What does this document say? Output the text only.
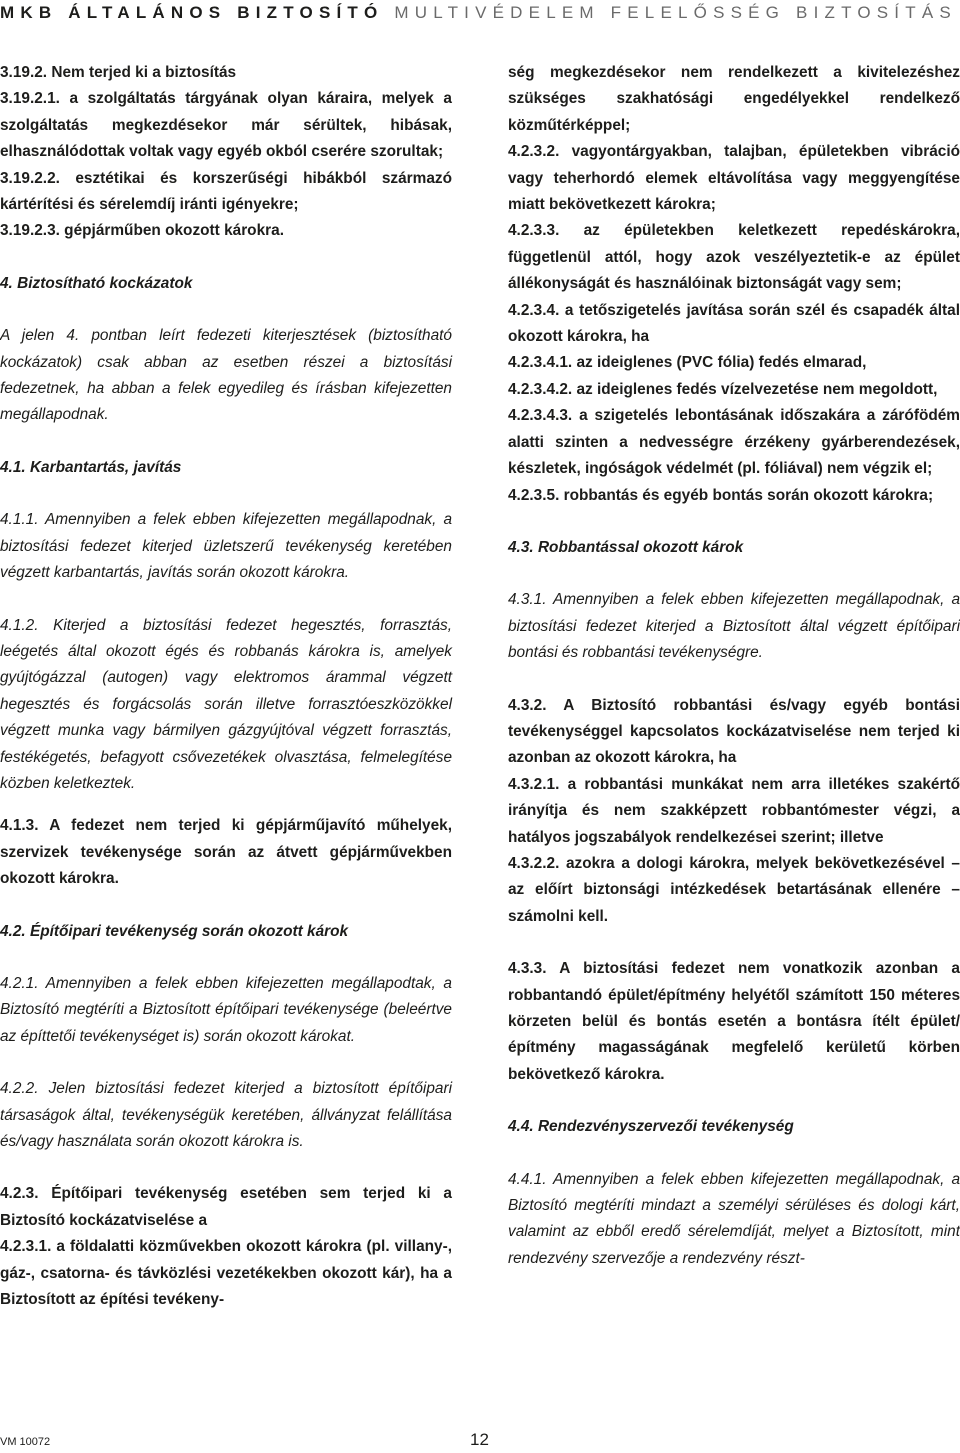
MKB ÁLTALÁNOS BIZTOSÍTÓ MULTIVÉDELEM FELELŐSSÉG BIZTOSÍTÁS

3.19.2. Nem terjed ki a biztosítás

3.19.2.1. a szolgáltatás tárgyának olyan káraira, melyek a szolgáltatás megkezdésekor már sérültek, hibásak, elhasználódottak voltak vagy egyéb okból cserére szorultak;

3.19.2.2. esztétikai és korszerűségi hibákból származó kártérítési és sérelemdíj iránti igényekre;

3.19.2.3. gépjárműben okozott károkra.

4. Biztosítható kockázatok

A jelen 4. pontban leírt fedezeti kiterjesztések (biztosítható kockázatok) csak abban az esetben részei a biztosítási fedezetnek, ha abban a felek egyedileg és írásban kifejezetten megállapodnak.

4.1. Karbantartás, javítás

4.1.1. Amennyiben a felek ebben kifejezetten megállapodnak, a biztosítási fedezet kiterjed üzletszerű tevékenység keretében végzett karbantartás, javítás során okozott károkra.

4.1.2. Kiterjed a biztosítási fedezet hegesztés, forrasztás, leégetés által okozott égés és robbanás károkra is, amelyek gyújtógázzal (autogen) vagy elektromos árammal végzett hegesztés és forgácsolás során illetve forrasztóeszközökkel végzett munka vagy bármilyen gázgyújtóval végzett forrasztás, festékégetés, befagyott csővezetékek olvasztása, felmelegítése közben keletkeztek.

4.1.3. A fedezet nem terjed ki gépjárműjavító műhelyek, szervizek tevékenysége során az átvett gépjárművekben okozott károkra.

4.2. Építőipari tevékenység során okozott károk

4.2.1. Amennyiben a felek ebben kifejezetten megállapodtak, a Biztosító megtéríti a Biztosított építőipari tevékenysége (beleértve az építtetői tevékenységet is) során okozott károkat.

4.2.2. Jelen biztosítási fedezet kiterjed a biztosított építőipari társaságok által, tevékenységük keretében, állványzat felállítása és/vagy használata során okozott károkra is.

4.2.3. Építőipari tevékenység esetében sem terjed ki a Biztosító kockázatviselése a

4.2.3.1. a földalatti közművekben okozott károkra (pl. villany-, gáz-, csatorna- és távközlési vezetékekben okozott kár), ha a Biztosított az építési tevékeny-

ség megkezdésekor nem rendelkezett a kivitelezéshez szükséges szakhatósági engedélyekkel rendelkező közműtérképpel;

4.2.3.2. vagyontárgyakban, talajban, épületekben vibráció vagy teherhordó elemek eltávolítása vagy meggyengítése miatt bekövetkezett károkra;

4.2.3.3. az épületekben keletkezett repedéskárokra, függetlenül attól, hogy azok veszélyeztetik-e az épület állékonyságát és használóinak biztonságát vagy sem;

4.2.3.4. a tetőszigetelés javítása során szél és csapadék által okozott károkra, ha

4.2.3.4.1. az ideiglenes (PVC fólia) fedés elmarad,

4.2.3.4.2. az ideiglenes fedés vízelvezetése nem megoldott,

4.2.3.4.3. a szigetelés lebontásának időszakára a zárófödém alatti szinten a nedvességre érzékeny gyárberendezések, készletek, ingóságok védelmét (pl. fóliával) nem végzik el;

4.2.3.5. robbantás és egyéb bontás során okozott károkra;

4.3. Robbantással okozott károk

4.3.1. Amennyiben a felek ebben kifejezetten megállapodnak, a biztosítási fedezet kiterjed a Biztosított által végzett építőipari bontási és robbantási tevékenységre.

4.3.2. A Biztosító robbantási és/vagy egyéb bontási tevékenységgel kapcsolatos kockázatviselése nem terjed ki azonban az okozott károkra, ha

4.3.2.1. a robbantási munkákat nem arra illetékes szakértő irányítja és nem szakképzett robbantómester végzi, a hatályos jogszabályok rendelkezései szerint; illetve

4.3.2.2. azokra a dologi károkra, melyek bekövetkezésével – az előírt biztonsági intézkedések betartásának ellenére – számolni kell.

4.3.3. A biztosítási fedezet nem vonatkozik azonban a robbantandó épület/építmény helyétől számított 150 méteres körzeten belül és bontás esetén a bontásra ítélt épület/építmény magasságának megfelelő kerületű körben bekövetkező károkra.

4.4. Rendezvényszervezői tevékenység

4.4.1. Amennyiben a felek ebben kifejezetten megállapodnak, a Biztosító megtéríti mindazt a személyi sérüléses és dologi kárt, valamint az ebből eredő sérelemdíját, melyet a Biztosított, mint rendezvény szervezője a rendezvény részt-

VM 10072	12
